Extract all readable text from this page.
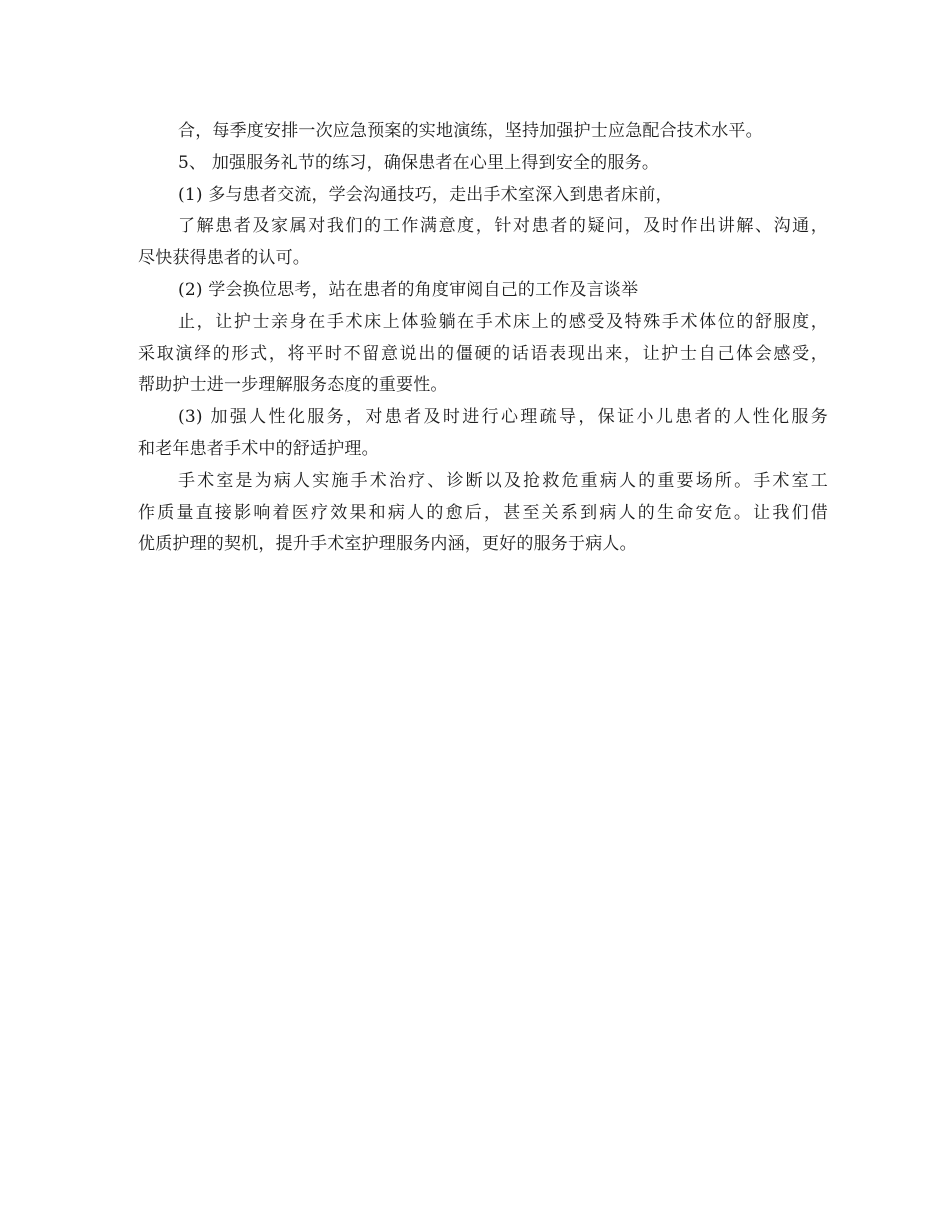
合，每季度安排一次应急预案的实地演练，坚持加强护士应急配合技术水平。
5、 加强服务礼节的练习，确保患者在心里上得到安全的服务。
(1) 多与患者交流，学会沟通技巧，走出手术室深入到患者床前，
了解患者及家属对我们的工作满意度，针对患者的疑问，及时作出讲解、沟通，
尽快获得患者的认可。
(2) 学会换位思考，站在患者的角度审阅自己的工作及言谈举
止，让护士亲身在手术床上体验躺在手术床上的感受及特殊手术体位的舒服度，
采取演绎的形式，将平时不留意说出的僵硬的话语表现出来，让护士自己体会感受，
帮助护士进一步理解服务态度的重要性。
(3) 加强人性化服务，对患者及时进行心理疏导，保证小儿患者的人性化服务
和老年患者手术中的舒适护理。
手术室是为病人实施手术治疗、诊断以及抢救危重病人的重要场所。手术室工
作质量直接影响着医疗效果和病人的愈后，甚至关系到病人的生命安危。让我们借
优质护理的契机，提升手术室护理服务内涵，更好的服务于病人。
